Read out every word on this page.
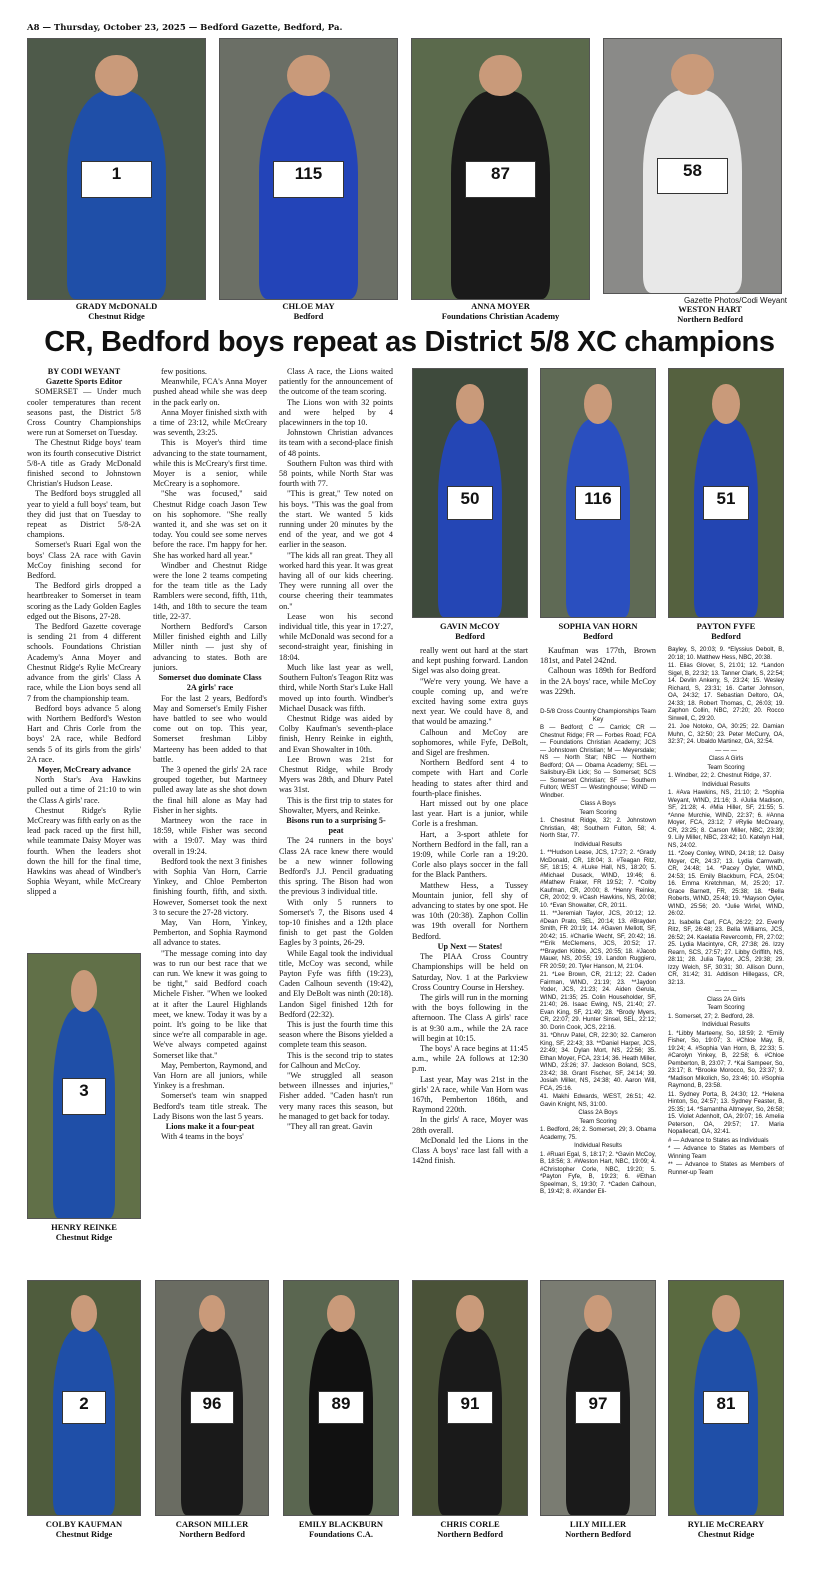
A8 — Thursday, October 23, 2025 — Bedford Gazette, Bedford, Pa.
1	115	87	58
GRADY McDONALD
Chestnut Ridge
CHLOE MAY
Bedford
ANNA MOYER
Foundations Christian Academy
Gazette Photos/Codi Weyant
WESTON HART
Northern Bedford
CR, Bedford boys repeat as District 5/8 XC champions

BY CODI WEYANT

Gazette Sports Editor

SOMERSET — Under much cooler temperatures than recent seasons past, the District 5/8 Cross Country Championships were run at Somerset on Tuesday.

The Chestnut Ridge boys' team won its fourth consecutive District 5/8-A title as Grady McDonald finished second to Johnstown Christian's Hudson Lease.

The Bedford boys struggled all year to yield a full boys' team, but they did just that on Tuesday to repeat as District 5/8-2A champions.

Somerset's Ruari Egal won the boys' Class 2A race with Gavin McCoy finishing second for Bedford.

The Bedford girls dropped a heartbreaker to Somerset in team scoring as the Lady Golden Eagles edged out the Bisons, 27-28.

The Bedford Gazette coverage is sending 21 from 4 different schools. Foundations Christian Academy's Anna Moyer and Chestnut Ridge's Rylie McCreary advance from the girls' Class A race, while the Lion boys send all 7 from the championship team.

Bedford boys advance 5 along with Northern Bedford's Weston Hart and Chris Corle from the boys' 2A race, while Bedford sends 5 of its girls from the girls' 2A race.

Moyer, McCreary advance

North Star's Ava Hawkins pulled out a time of 21:10 to win the Class A girls' race.

Chestnut Ridge's Rylie McCreary was fifth early on as the lead pack raced up the first hill, while teammate Daisy Moyer was fourth. When the leaders shot down the hill for the final time, Hawkins was ahead of Windber's Sophia Weyant, while McCreary slipped a

few positions.

Meanwhile, FCA's Anna Moyer pushed ahead while she was deep in the pack early on.

Anna Moyer finished sixth with a time of 23:12, while McCreary was seventh, 23:25.

This is Moyer's third time advancing to the state tournament, while this is McCreary's first time. Moyer is a senior, while McCreary is a sophomore.

"She was focused," said Chestnut Ridge coach Jason Tew on his sophomore. "She really wanted it, and she was set on it today. You could see some nerves before the race. I'm happy for her. She has worked hard all year."

Windber and Chestnut Ridge were the lone 2 teams competing for the team title as the Lady Ramblers were second, fifth, 11th, 14th, and 18th to secure the team title, 22-37.

Northern Bedford's Carson Miller finished eighth and Lilly Miller ninth — just shy of advancing to states. Both are juniors.

Somerset duo dominate Class 2A girls' race

For the last 2 years, Bedford's May and Somerset's Emily Fisher have battled to see who would come out on top. This year, Somerset freshman Libby Marteeny has been added to that battle.

The 3 opened the girls' 2A race grouped together, but Martneey pulled away late as she shot down the final hill alone as May had Fisher in her sights.

Martneey won the race in 18:59, while Fisher was second with a 19:07. May was third overall in 19:24.

Bedford took the next 3 finishes with Sophia Van Horn, Carrie Yinkey, and Chloe Pemberton finishing fourth, fifth, and sixth. However, Somerset took the next 3 to secure the 27-28 victory.

May, Van Horn, Yinkey, Pemberton, and Sophia Raymond all advance to states.

"The message coming into day was to run our best race that we can run. We knew it was going to be tight," said Bedford coach Michele Fisher. "When we looked at it after the Laurel Highlands meet, we knew. Today it was by a point. It's going to be like that since we're all comparable in age. We've always competed against Somerset like that."

May, Pemberton, Raymond, and Van Horn are all juniors, while Yinkey is a freshman.

Somerset's team win snapped Bedford's team title streak. The Lady Bisons won the last 5 years.

Lions make it a four-peat

With 4 teams in the boys'

Class A race, the Lions waited patiently for the announcement of the outcome of the team scoring.

The Lions won with 32 points and were helped by 4 placewinners in the top 10.

Johnstown Christian advances its team with a second-place finish of 48 points.

Southern Fulton was third with 58 points, while North Star was fourth with 77.

"This is great," Tew noted on his boys. "This was the goal from the start. We wanted 5 kids running under 20 minutes by the end of the year, and we got 4 earlier in the season.

"The kids all ran great. They all worked hard this year. It was great having all of our kids cheering. They were running all over the course cheering their teammates on."

Lease won his second individual title, this year in 17:27, while McDonald was second for a second-straight year, finishing in 18:04.

Much like last year as well, Southern Fulton's Teagon Ritz was third, while North Star's Luke Hall moved up into fourth. Windber's Michael Dusack was fifth.

Chestnut Ridge was aided by Colby Kaufman's seventh-place finish, Henry Reinke in eighth, and Evan Showalter in 10th.

Lee Brown was 21st for Chestnut Ridge, while Brody Myers was 28th, and Dhurv Patel was 31st.

This is the first trip to states for Showalter, Myers, and Reinke.

Bisons run to a surprising 5-peat

The 24 runners in the boys' Class 2A race knew there would be a new winner following Bedford's J.J. Pencil graduating this spring. The Bison had won the previous 3 individual title.

With only 5 runners to Somerset's 7, the Bisons used 4 top-10 finishes and a 12th place finish to get past the Golden Eagles by 3 points, 26-29.

While Eagal took the individual title, McCoy was second, while Payton Fyfe was fifth (19:23), Caden Calhoun seventh (19:42), and Ely DeBolt was ninth (20:18). Landon Sigel finished 12th for Bedford (22:32).

This is just the fourth time this season where the Bisons yielded a complete team this season.

This is the second trip to states for Calhoun and McCoy.

"We struggled all season between illnesses and injuries," Fisher added. "Caden hasn't run very many races this season, but he managed to get back for today.

"They all ran great. Gavin

50	116	51
GAVIN McCOY
Bedford
SOPHIA VAN HORN
Bedford
PAYTON FYFE
Bedford
3
HENRY REINKE
Chestnut Ridge

really went out hard at the start and kept pushing forward. Landon Sigel was also doing great.

"We're very young. We have a couple coming up, and we're excited having some extra guys next year. We could have 8, and that would be amazing."

Calhoun and McCoy are sophomores, while Fyfe, DeBolt, and Sigel are freshmen.

Northern Bedford sent 4 to compete with Hart and Corle heading to states after third and fourth-place finishes.

Hart missed out by one place last year. Hart is a junior, while Corle is a freshman.

Hart, a 3-sport athlete for Northern Bedford in the fall, ran a 19:09, while Corle ran a 19:20. Corle also plays soccer in the fall for the Black Panthers.

Matthew Hess, a Tussey Mountain junior, fell shy of advancing to states by one spot. He was 10th (20:38). Zaphon Collin was 19th overall for Northern Bedford.

Up Next — States!

The PIAA Cross Country Championships will be held on Saturday, Nov. 1 at the Parkview Cross Country Course in Hershey.

The girls will run in the morning with the boys following in the afternoon. The Class A girls' race is at 9:30 a.m., while the 2A race will begin at 10:15.

The boys' A race begins at 11:45 a.m., while 2A follows at 12:30 p.m.

Last year, May was 21st in the girls' 2A race, while Van Horn was 167th, Pemberton 186th, and Raymond 220th.

In the girls' A race, Moyer was 28th overall.

McDonald led the Lions in the Class A boys' race last fall with a 142nd finish.

Kaufman was 177th, Brown 181st, and Patel 242nd.

Calhoun was 189th for Bedford in the 2A boys' race, while McCoy was 229th.

D-5/8 Cross Country Championships Team Key

B — Bedford; C — Carrick; CR — Chestnut Ridge; FR — Forbes Road; FCA — Foundations Christian Academy; JCS — Johnstown Christian; M — Meyersdale; NS — North Star; NBC — Northern Bedford; OA — Obama Academy; SEL — Salisbury-Elk Lick; So — Somerset; SCS — Somerset Christian; SF — Southern Fulton; WEST — Westinghouse; WIND — Windber.

Class A Boys

Team Scoring

1. Chestnut Ridge, 32; 2. Johnstown Christian, 48; Southern Fulton, 58; 4. North Star, 77.

Individual Results

1. **Hudson Lease, JCS, 17:27; 2. *Grady McDonald, CR, 18:04; 3. #Teagan Ritz, SF, 18:15; 4. #Luke Hall, NS, 18:20; 5. #Michael Dusack, WIND, 19:46; 6. #Mathew Fraker, FR 19:52; 7. *Colby Kaufman, CR, 20:00; 8. *Henry Reinke, CR, 20:02; 9. #Cash Hawkins, NS, 20:08; 10. *Evan Showalter, CR, 20:11.

11. **Jeremiah Taylor, JCS, 20:12; 12. #Dean Prato, SEL, 20:14; 13. #Brayden Smith, FR 20:19; 14. #Gaven Mellott, SF, 20:42; 15. #Charlie Wecht, SF, 20:42; 16. **Erik McClemens, JCS, 20:52; 17. **Brayden Kibbe, JCS, 20:55; 18. #Jacob Mauer, NS, 20:55; 19. Landon Ruggiero, FR 20:59; 20. Tyler Hanson, M, 21:04.

21. *Lee Brown, CR, 21:12; 22. Caden Fairman, WIND, 21:19; 23. **Jaydon Yoder, JCS, 21:23; 24. Aiden Gerula, WIND, 21:35; 25. Colin Householder, SF, 21:40; 26. Isaac Ewing, NS, 21:40; 27. Evan King, SF, 21:49; 28. *Brody Myers, CR, 22:07; 29. Hunter Sinsel, SEL, 22:12; 30. Dorin Cook, JCS, 22:16.

31. *Dhruv Patel, CR, 22:30; 32. Cameron King, SF, 22:43; 33. **Daniel Harper, JCS, 22:49; 34. Dylan Mort, NS, 22:56; 35. Ethan Moyer, FCA, 23:14; 36. Heath Miller, WIND, 23:26; 37. Jackson Boland, SCS, 23:42; 38. Grant Fischer, SF, 24:14; 39. Josiah Miller, NS, 24:38; 40. Aaron Will, FCA, 25:16.

41. Makhi Edwards, WEST, 26:51; 42. Gavin Knight, NS, 31:00.

Class 2A Boys

Team Scoring

1. Bedford, 26; 2. Somerset, 29; 3. Obama Academy, 75.

Individual Results

1. #Ruari Egal, S, 18:17; 2. *Gavin McCoy, B, 18:56; 3. #Weston Hart, NBC, 19:09; 4. #Christopher Corle, NBC, 19:20; 5. *Payton Fyfe, B, 19:23; 6. #Ethan Speelman, S, 19:30; 7. *Caden Calhoun, B, 19:42; 8. #Xander Eli-

Bayley, S, 20:03; 9. *Elyssius Debolt, B, 20:18; 10. Matthew Hess, NBC, 20:38.

11. Elias Glover, S, 21:01; 12. *Landon Sigel, B, 22:32; 13. Tanner Clark, S, 22:54; 14. Devlin Ankeny, S, 23:24; 15. Wesley Richard, S, 23:31; 16. Carter Johnson, OA, 24:32; 17. Sebastian Deltoro, OA, 24:33; 18. Robert Thomas, C, 26:03; 19. Zaphon Collin, NBC, 27:20; 20. Rocco Sinwell, C, 29:20.

21. Joe Notoko, OA, 30:25; 22. Damian Muhn, C, 32:50; 23. Peter McCurry, OA, 32:37; 24. Ubaldo Martinez, OA, 32:54.

— — —

Class A Girls

Team Scoring

1. Windber, 22; 2. Chestnut Ridge, 37.

Individual Results

1. #Ava Hawkins, NS, 21:10; 2. *Sophia Weyant, WIND, 21:16; 3. #Julia Madison, SF, 21:28; 4. #Mia Hiller, SF, 21:55; 5. *Anne Murchie, WIND, 22:37; 6. #Anna Moyer, FCA, 23:12; 7 #Rylie McCreary, CR, 23:25; 8. Carson Miller, NBC, 23:39; 9. Lily Miller, NBC, 23:42; 10. Katelyn Hall, NS, 24:02.

11. *Zoey Conley, WIND, 24:18; 12. Daisy Moyer, CR, 24:37; 13. Lydia Carnwath, CR, 24:48; 14. *Pacey Oyler, WIND, 24:53; 15. Emily Blackburn, FCA, 25:04; 16. Emma Kretchman, M, 25:20; 17. Grace Barnett, FR, 25:38; 18. *Bella Roberts, WIND, 25:48; 19. *Mayson Oyler, WIND, 25:56; 20. *Julie Wirfel, WIND, 26:02.

21. Isabella Carl, FCA, 26:22; 22. Everly Ritz, SF, 26:48; 23. Bella Williams, JCS, 26:52; 24. Kaelatia Revercomb, FR, 27:02; 25. Lydia Macintyre, CR, 27:38; 26. Izzy Rearn, SCS, 27:57; 27. Libby Griffith, NS, 28:11; 28. Julia Taylor, JCS, 29:38; 29. Izzy Welch, SF, 30:31; 30. Allison Dunn, CR, 31:42; 31. Addison Hillegass, CR, 32:13.

— — —

Class 2A Girls

Team Scoring

1. Somerset, 27; 2. Bedford, 28.

Individual Results

1. *Libby Marteeny, So, 18:59; 2. *Emily Fisher, So, 19:07; 3. #Chloe May, B, 19:24; 4. #Sophia Van Horn, B, 22:33; 5. #Carolyn Yinkey, B, 22:58; 6. #Chloe Pemberton, B, 23:07; 7. *Kai Sampeer, So, 23:17; 8. *Brooke Morocco, So, 23:37; 9. *Madison Mikolich, So, 23:46; 10. #Sophia Raymond, B, 23:58.

11. Sydney Porta, B, 24:30; 12. *Helena Hinton, So, 24:57; 13. Sydney Feaster, B, 25:35; 14. *Samantha Altmeyer, So, 26:58; 15. Violet Adenholt, OA, 29:07; 16. Amelia Peterson, OA, 29:57; 17. Maria Nopallecatl, OA, 32:41.

# — Advance to States as Individuals

* — Advance to States as Members of Winning Team

** — Advance to States as Members of Runner-up Team

2	96	89	91	97	81
COLBY KAUFMAN
Chestnut Ridge
CARSON MILLER
Northern Bedford
EMILY BLACKBURN
Foundations C.A.
CHRIS CORLE
Northern Bedford
LILY MILLER
Northern Bedford
RYLIE McCREARY
Chestnut Ridge
